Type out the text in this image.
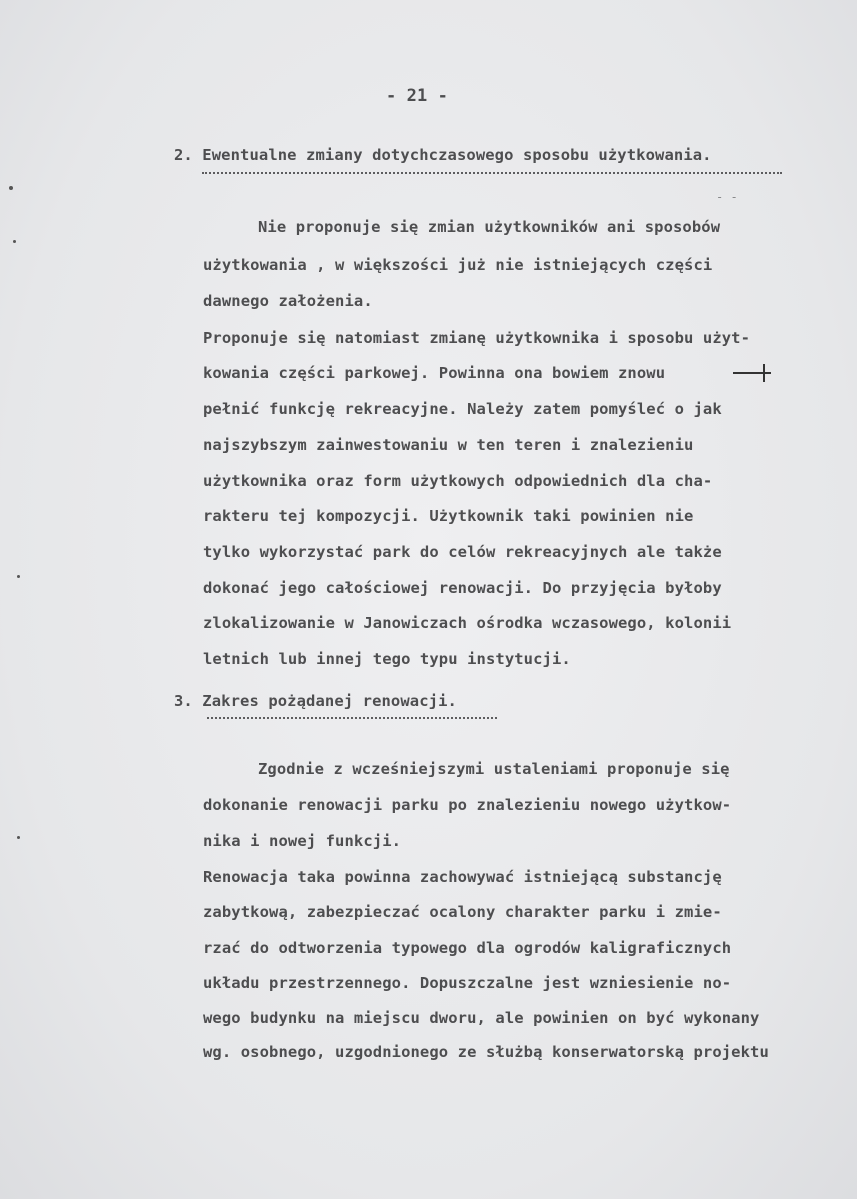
- 21 -
2. Ewentualne zmiany dotychczasowego sposobu użytkowania.
- -
Nie proponuje się zmian użytkowników ani sposobów
użytkowania , w większości już nie istniejących części
dawnego założenia.
Proponuje się natomiast zmianę użytkownika i sposobu użyt-
kowania części parkowej. Powinna ona bowiem znowu
pełnić funkcję rekreacyjne. Należy zatem pomyśleć o jak
najszybszym zainwestowaniu w ten teren i znalezieniu
użytkownika oraz form użytkowych odpowiednich dla cha-
rakteru tej kompozycji. Użytkownik taki powinien nie
tylko wykorzystać park do celów rekreacyjnych ale także
dokonać jego całościowej renowacji. Do przyjęcia byłoby
zlokalizowanie w Janowiczach ośrodka wczasowego, kolonii
letnich lub innej tego typu instytucji.
3. Zakres pożądanej renowacji.
Zgodnie z wcześniejszymi ustaleniami proponuje się
dokonanie renowacji parku po znalezieniu nowego użytkow-
nika i nowej funkcji.
Renowacja taka powinna zachowywać istniejącą substancję
zabytkową, zabezpieczać ocalony charakter parku i zmie-
rzać do odtworzenia typowego dla ogrodów kaligraficznych
układu przestrzennego. Dopuszczalne jest wzniesienie no-
wego budynku na miejscu dworu, ale powinien on być wykonany
wg. osobnego, uzgodnionego ze służbą konserwatorską projektu
